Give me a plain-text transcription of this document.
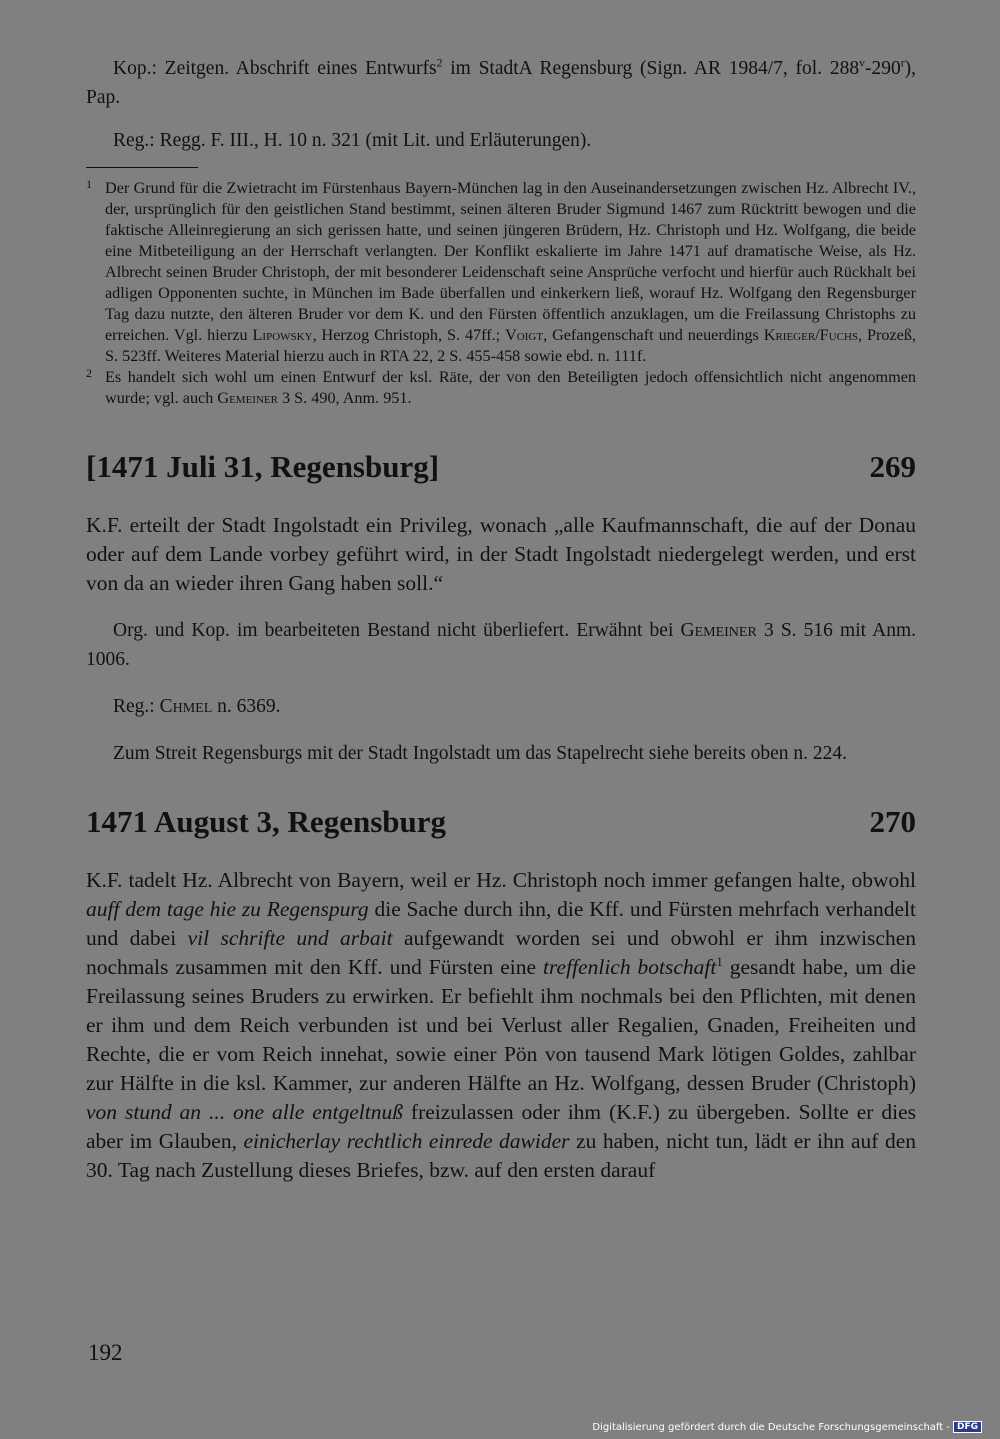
Kop.: Zeitgen. Abschrift eines Entwurfs$^2$ im StadtA Regensburg (Sign. AR 1984/7, fol. 288$^v$-290$^r$), Pap.

Reg.: Regg. F. III., H. 10 n. 321 (mit Lit. und Erläuterungen).

1 Der Grund für die Zwietracht im Fürstenhaus Bayern-München lag in den Auseinandersetzungen zwischen Hz. Albrecht IV., der, ursprünglich für den geistlichen Stand bestimmt, seinen älteren Bruder Sigmund 1467 zum Rücktritt bewogen und die faktische Alleinregierung an sich gerissen hatte, und seinen jüngeren Brüdern, Hz. Christoph und Hz. Wolfgang, die beide eine Mitbeteiligung an der Herrschaft verlangten. Der Konflikt eskalierte im Jahre 1471 auf dramatische Weise, als Hz. Albrecht seinen Bruder Christoph, der mit besonderer Leidenschaft seine Ansprüche verfocht und hierfür auch Rückhalt bei adligen Opponenten suchte, in München im Bade überfallen und einkerkern ließ, worauf Hz. Wolfgang den Regensburger Tag dazu nutzte, den älteren Bruder vor dem K. und den Fürsten öffentlich anzuklagen, um die Freilassung Christophs zu erreichen. Vgl. hierzu Lipowsky, Herzog Christoph, S. 47ff.; Voigt, Gefangenschaft und neuerdings Krieger/Fuchs, Prozeß, S. 523ff. Weiteres Material hierzu auch in RTA 22, 2 S. 455-458 sowie ebd. n. 111f.

2 Es handelt sich wohl um einen Entwurf der ksl. Räte, der von den Beteiligten jedoch offensichtlich nicht angenommen wurde; vgl. auch Gemeiner 3 S. 490, Anm. 951.

[1471 Juli 31, Regensburg]	269

K.F. erteilt der Stadt Ingolstadt ein Privileg, wonach „alle Kaufmannschaft, die auf der Donau oder auf dem Lande vorbey geführt wird, in der Stadt Ingolstadt niedergelegt werden, und erst von da an wieder ihren Gang haben soll.“

Org. und Kop. im bearbeiteten Bestand nicht überliefert. Erwähnt bei Gemeiner 3 S. 516 mit Anm. 1006.

Reg.: Chmel n. 6369.

Zum Streit Regensburgs mit der Stadt Ingolstadt um das Stapelrecht siehe bereits oben n. 224.

1471 August 3, Regensburg	270

K.F. tadelt Hz. Albrecht von Bayern, weil er Hz. Christoph noch immer gefangen halte, obwohl auff dem tage hie zu Regenspurg die Sache durch ihn, die Kff. und Fürsten mehrfach verhandelt und dabei vil schrifte und arbait aufgewandt worden sei und obwohl er ihm inzwischen nochmals zusammen mit den Kff. und Fürsten eine treffenlich botschaft$^1$ gesandt habe, um die Freilassung seines Bruders zu erwirken. Er befiehlt ihm nochmals bei den Pflichten, mit denen er ihm und dem Reich verbunden ist und bei Verlust aller Regalien, Gnaden, Freiheiten und Rechte, die er vom Reich innehat, sowie einer Pön von tausend Mark lötigen Goldes, zahlbar zur Hälfte in die ksl. Kammer, zur anderen Hälfte an Hz. Wolfgang, dessen Bruder (Christoph) von stund an ... one alle entgeltnuß freizulassen oder ihm (K.F.) zu übergeben. Sollte er dies aber im Glauben, einicherlay rechtlich einrede dawider zu haben, nicht tun, lädt er ihn auf den 30. Tag nach Zustellung dieses Briefes, bzw. auf den ersten darauf

192
Digitalisierung gefördert durch die Deutsche Forschungsgemeinschaft - DFG
